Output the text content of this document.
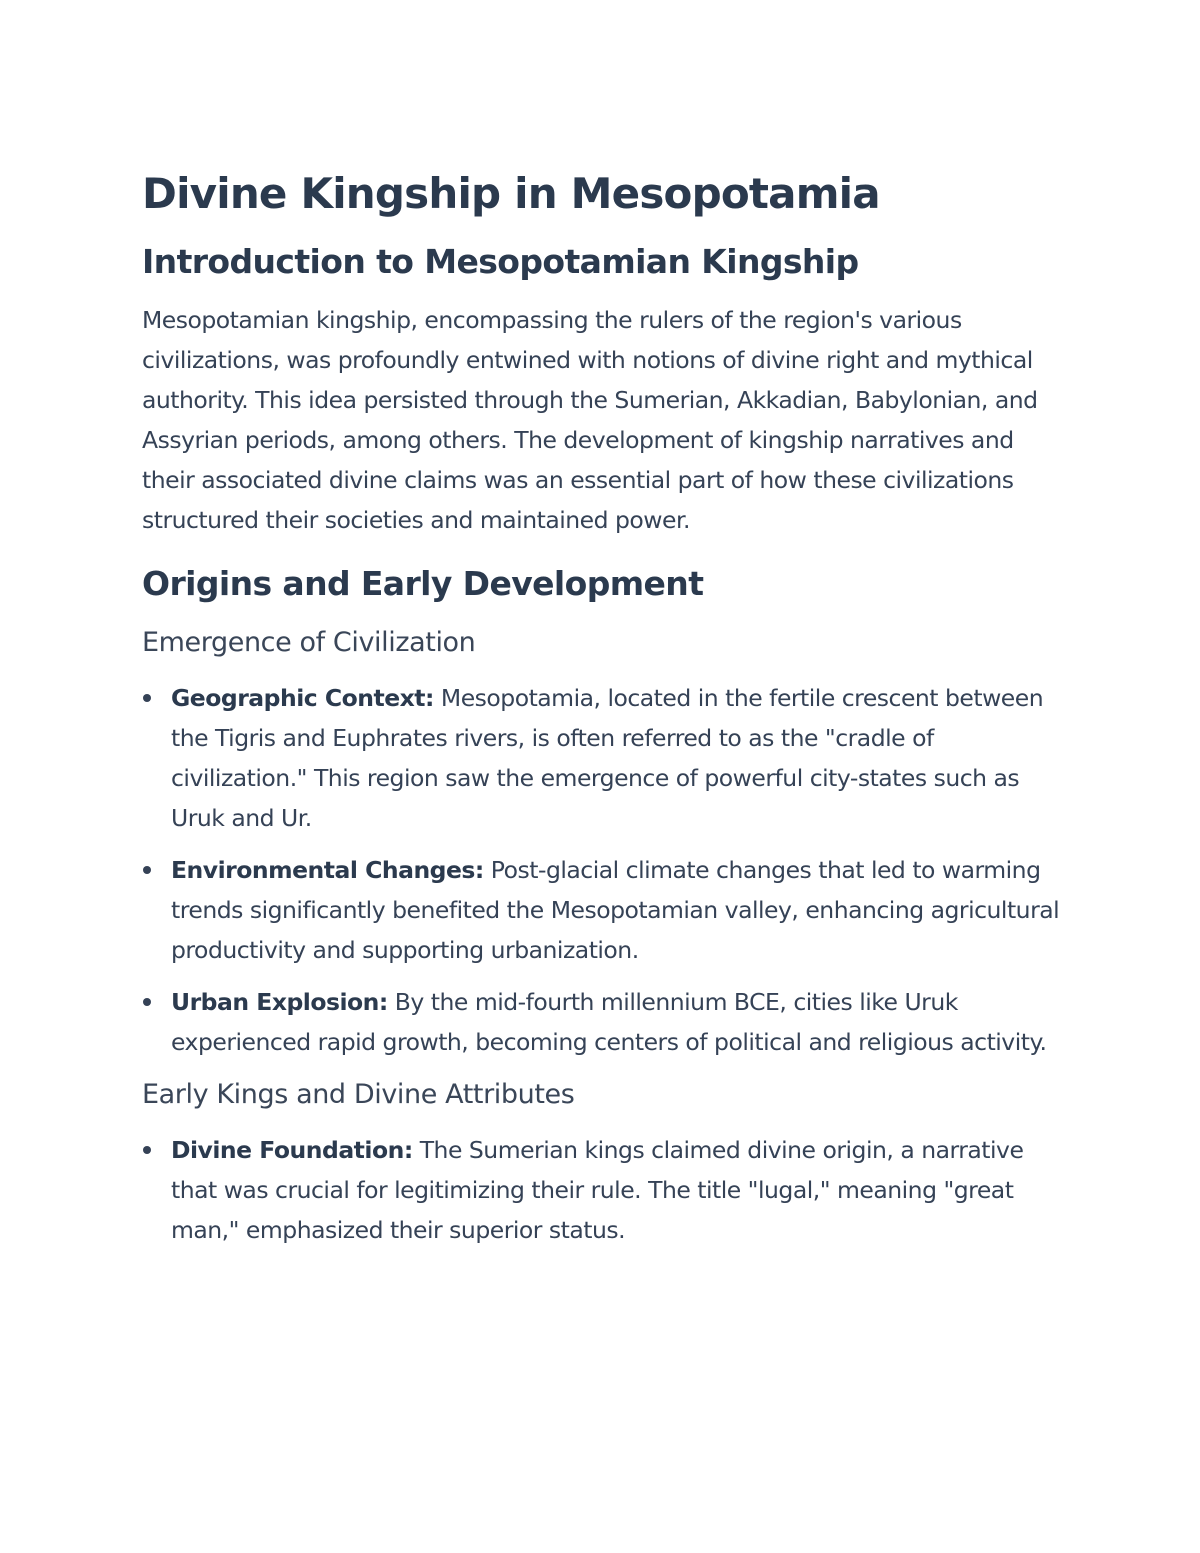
Divine Kingship in Mesopotamia
Introduction to Mesopotamian Kingship

Mesopotamian kingship, encompassing the rulers of the region's various civilizations, was profoundly entwined with notions of divine right and mythical authority. This idea persisted through the Sumerian, Akkadian, Babylonian, and Assyrian periods, among others. The development of kingship narratives and their associated divine claims was an essential part of how these civilizations structured their societies and maintained power.

Origins and Early Development
Emergence of Civilization
Geographic Context: Mesopotamia, located in the fertile crescent between the Tigris and Euphrates rivers, is often referred to as the "cradle of civilization." This region saw the emergence of powerful city-states such as Uruk and Ur.
Environmental Changes: Post-glacial climate changes that led to warming trends significantly benefited the Mesopotamian valley, enhancing agricultural productivity and supporting urbanization.
Urban Explosion: By the mid-fourth millennium BCE, cities like Uruk experienced rapid growth, becoming centers of political and religious activity.
Early Kings and Divine Attributes
Divine Foundation: The Sumerian kings claimed divine origin, a narrative that was crucial for legitimizing their rule. The title "lugal," meaning "great man," emphasized their superior status.
